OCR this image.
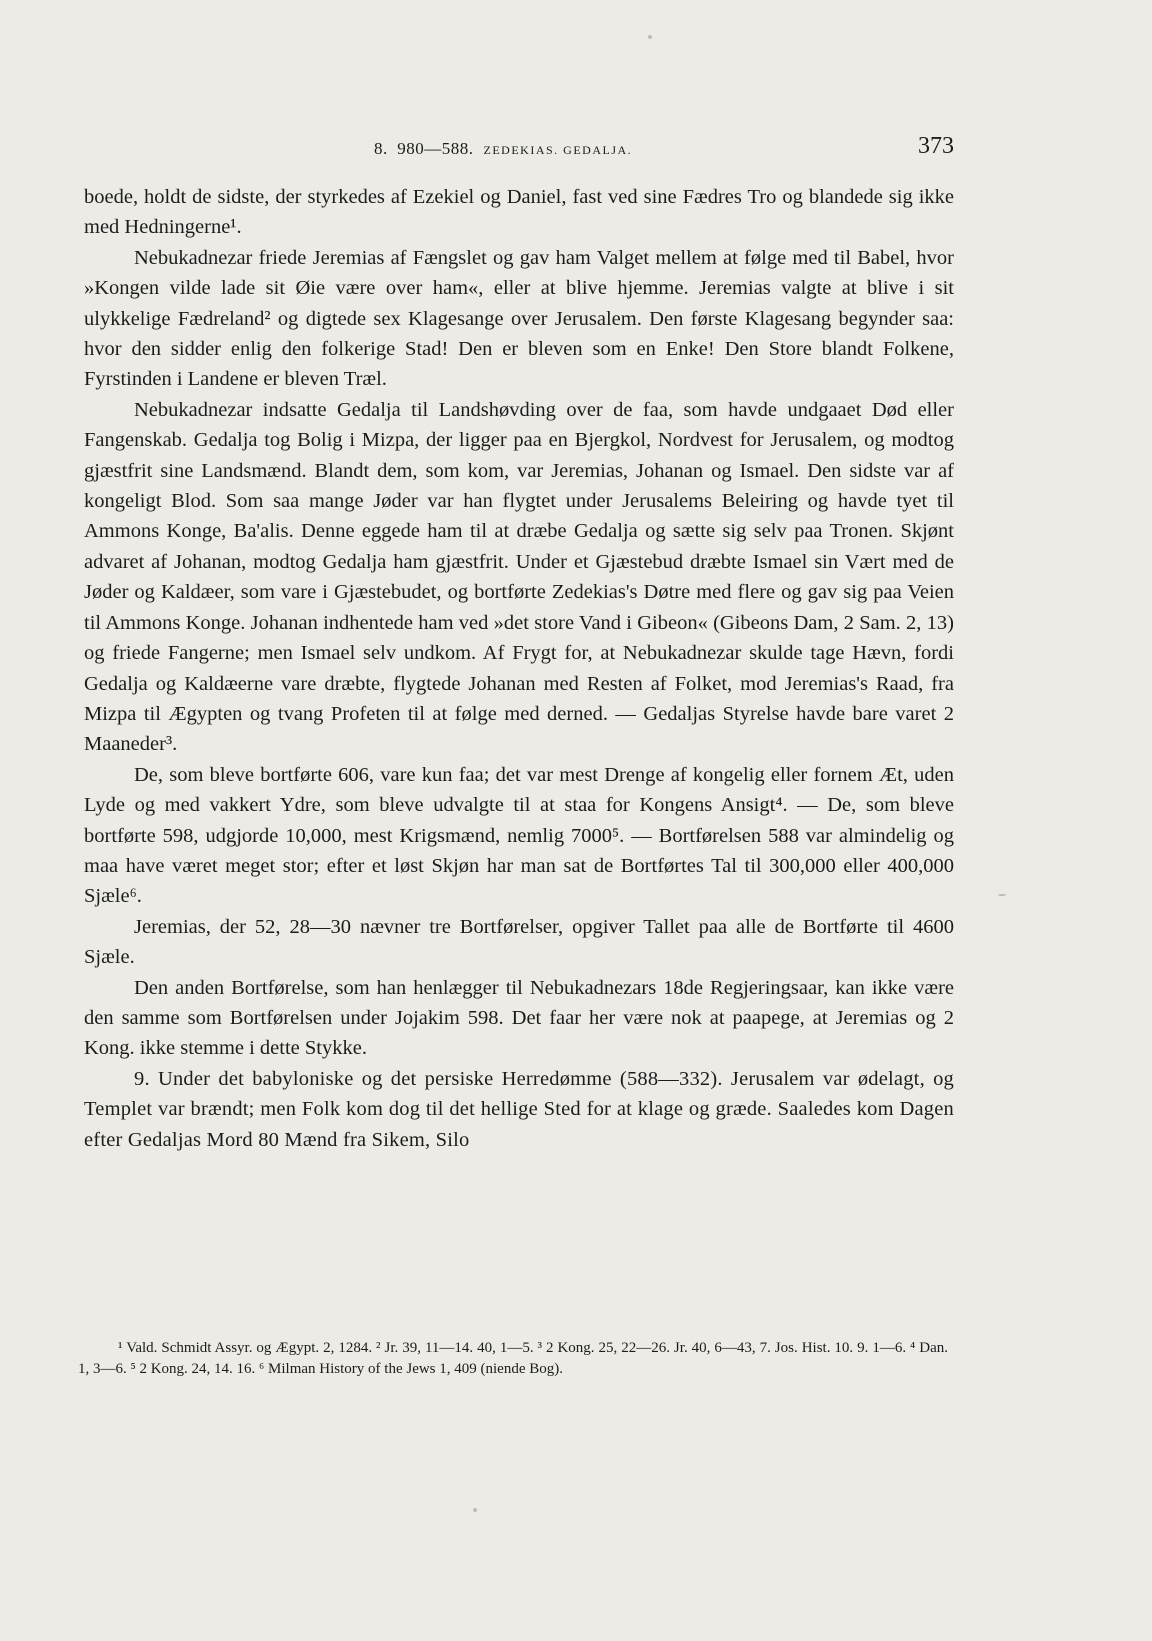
8. 980—588. ZEDEKIAS. GEDALJA.	373

boede, holdt de sidste, der styrkedes af Ezekiel og Daniel, fast ved sine Fædres Tro og blandede sig ikke med Hedningerne¹.

Nebukadnezar friede Jeremias af Fængslet og gav ham Valget mellem at følge med til Babel, hvor »Kongen vilde lade sit Øie være over ham«, eller at blive hjemme. Jeremias valgte at blive i sit ulykkelige Fædreland² og digtede sex Klagesange over Jerusalem. Den første Klagesang begynder saa: hvor den sidder enlig den folkerige Stad! Den er bleven som en Enke! Den Store blandt Folkene, Fyrstinden i Landene er bleven Træl.

Nebukadnezar indsatte Gedalja til Landshøvding over de faa, som havde undgaaet Død eller Fangenskab. Gedalja tog Bolig i Mizpa, der ligger paa en Bjergkol, Nordvest for Jerusalem, og modtog gjæstfrit sine Landsmænd. Blandt dem, som kom, var Jeremias, Johanan og Ismael. Den sidste var af kongeligt Blod. Som saa mange Jøder var han flygtet under Jerusalems Beleiring og havde tyet til Ammons Konge, Ba'alis. Denne eggede ham til at dræbe Gedalja og sætte sig selv paa Tronen. Skjønt advaret af Johanan, modtog Gedalja ham gjæstfrit. Under et Gjæstebud dræbte Ismael sin Vært med de Jøder og Kaldæer, som vare i Gjæstebudet, og bortførte Zedekias's Døtre med flere og gav sig paa Veien til Ammons Konge. Johanan indhentede ham ved »det store Vand i Gibeon« (Gibeons Dam, 2 Sam. 2, 13) og friede Fangerne; men Ismael selv undkom. Af Frygt for, at Nebukadnezar skulde tage Hævn, fordi Gedalja og Kaldæerne vare dræbte, flygtede Johanan med Resten af Folket, mod Jeremias's Raad, fra Mizpa til Ægypten og tvang Profeten til at følge med derned. — Gedaljas Styrelse havde bare varet 2 Maaneder³.

De, som bleve bortførte 606, vare kun faa; det var mest Drenge af kongelig eller fornem Æt, uden Lyde og med vakkert Ydre, som bleve udvalgte til at staa for Kongens Ansigt⁴. — De, som bleve bortførte 598, udgjorde 10,000, mest Krigsmænd, nemlig 7000⁵. — Bortførelsen 588 var almindelig og maa have været meget stor; efter et løst Skjøn har man sat de Bortførtes Tal til 300,000 eller 400,000 Sjæle⁶.

Jeremias, der 52, 28—30 nævner tre Bortførelser, opgiver Tallet paa alle de Bortførte til 4600 Sjæle.

Den anden Bortførelse, som han henlægger til Nebukadnezars 18de Regjeringsaar, kan ikke være den samme som Bortførelsen under Jojakim 598. Det faar her være nok at paapege, at Jeremias og 2 Kong. ikke stemme i dette Stykke.

9. Under det babyloniske og det persiske Herredømme (588—332). Jerusalem var ødelagt, og Templet var brændt; men Folk kom dog til det hellige Sted for at klage og græde. Saaledes kom Dagen efter Gedaljas Mord 80 Mænd fra Sikem, Silo

¹ Vald. Schmidt Assyr. og Ægypt. 2, 1284. ² Jr. 39, 11—14. 40, 1—5. ³ 2 Kong. 25, 22—26. Jr. 40, 6—43, 7. Jos. Hist. 10. 9. 1—6. ⁴ Dan. 1, 3—6. ⁵ 2 Kong. 24, 14. 16. ⁶ Milman History of the Jews 1, 409 (niende Bog).
